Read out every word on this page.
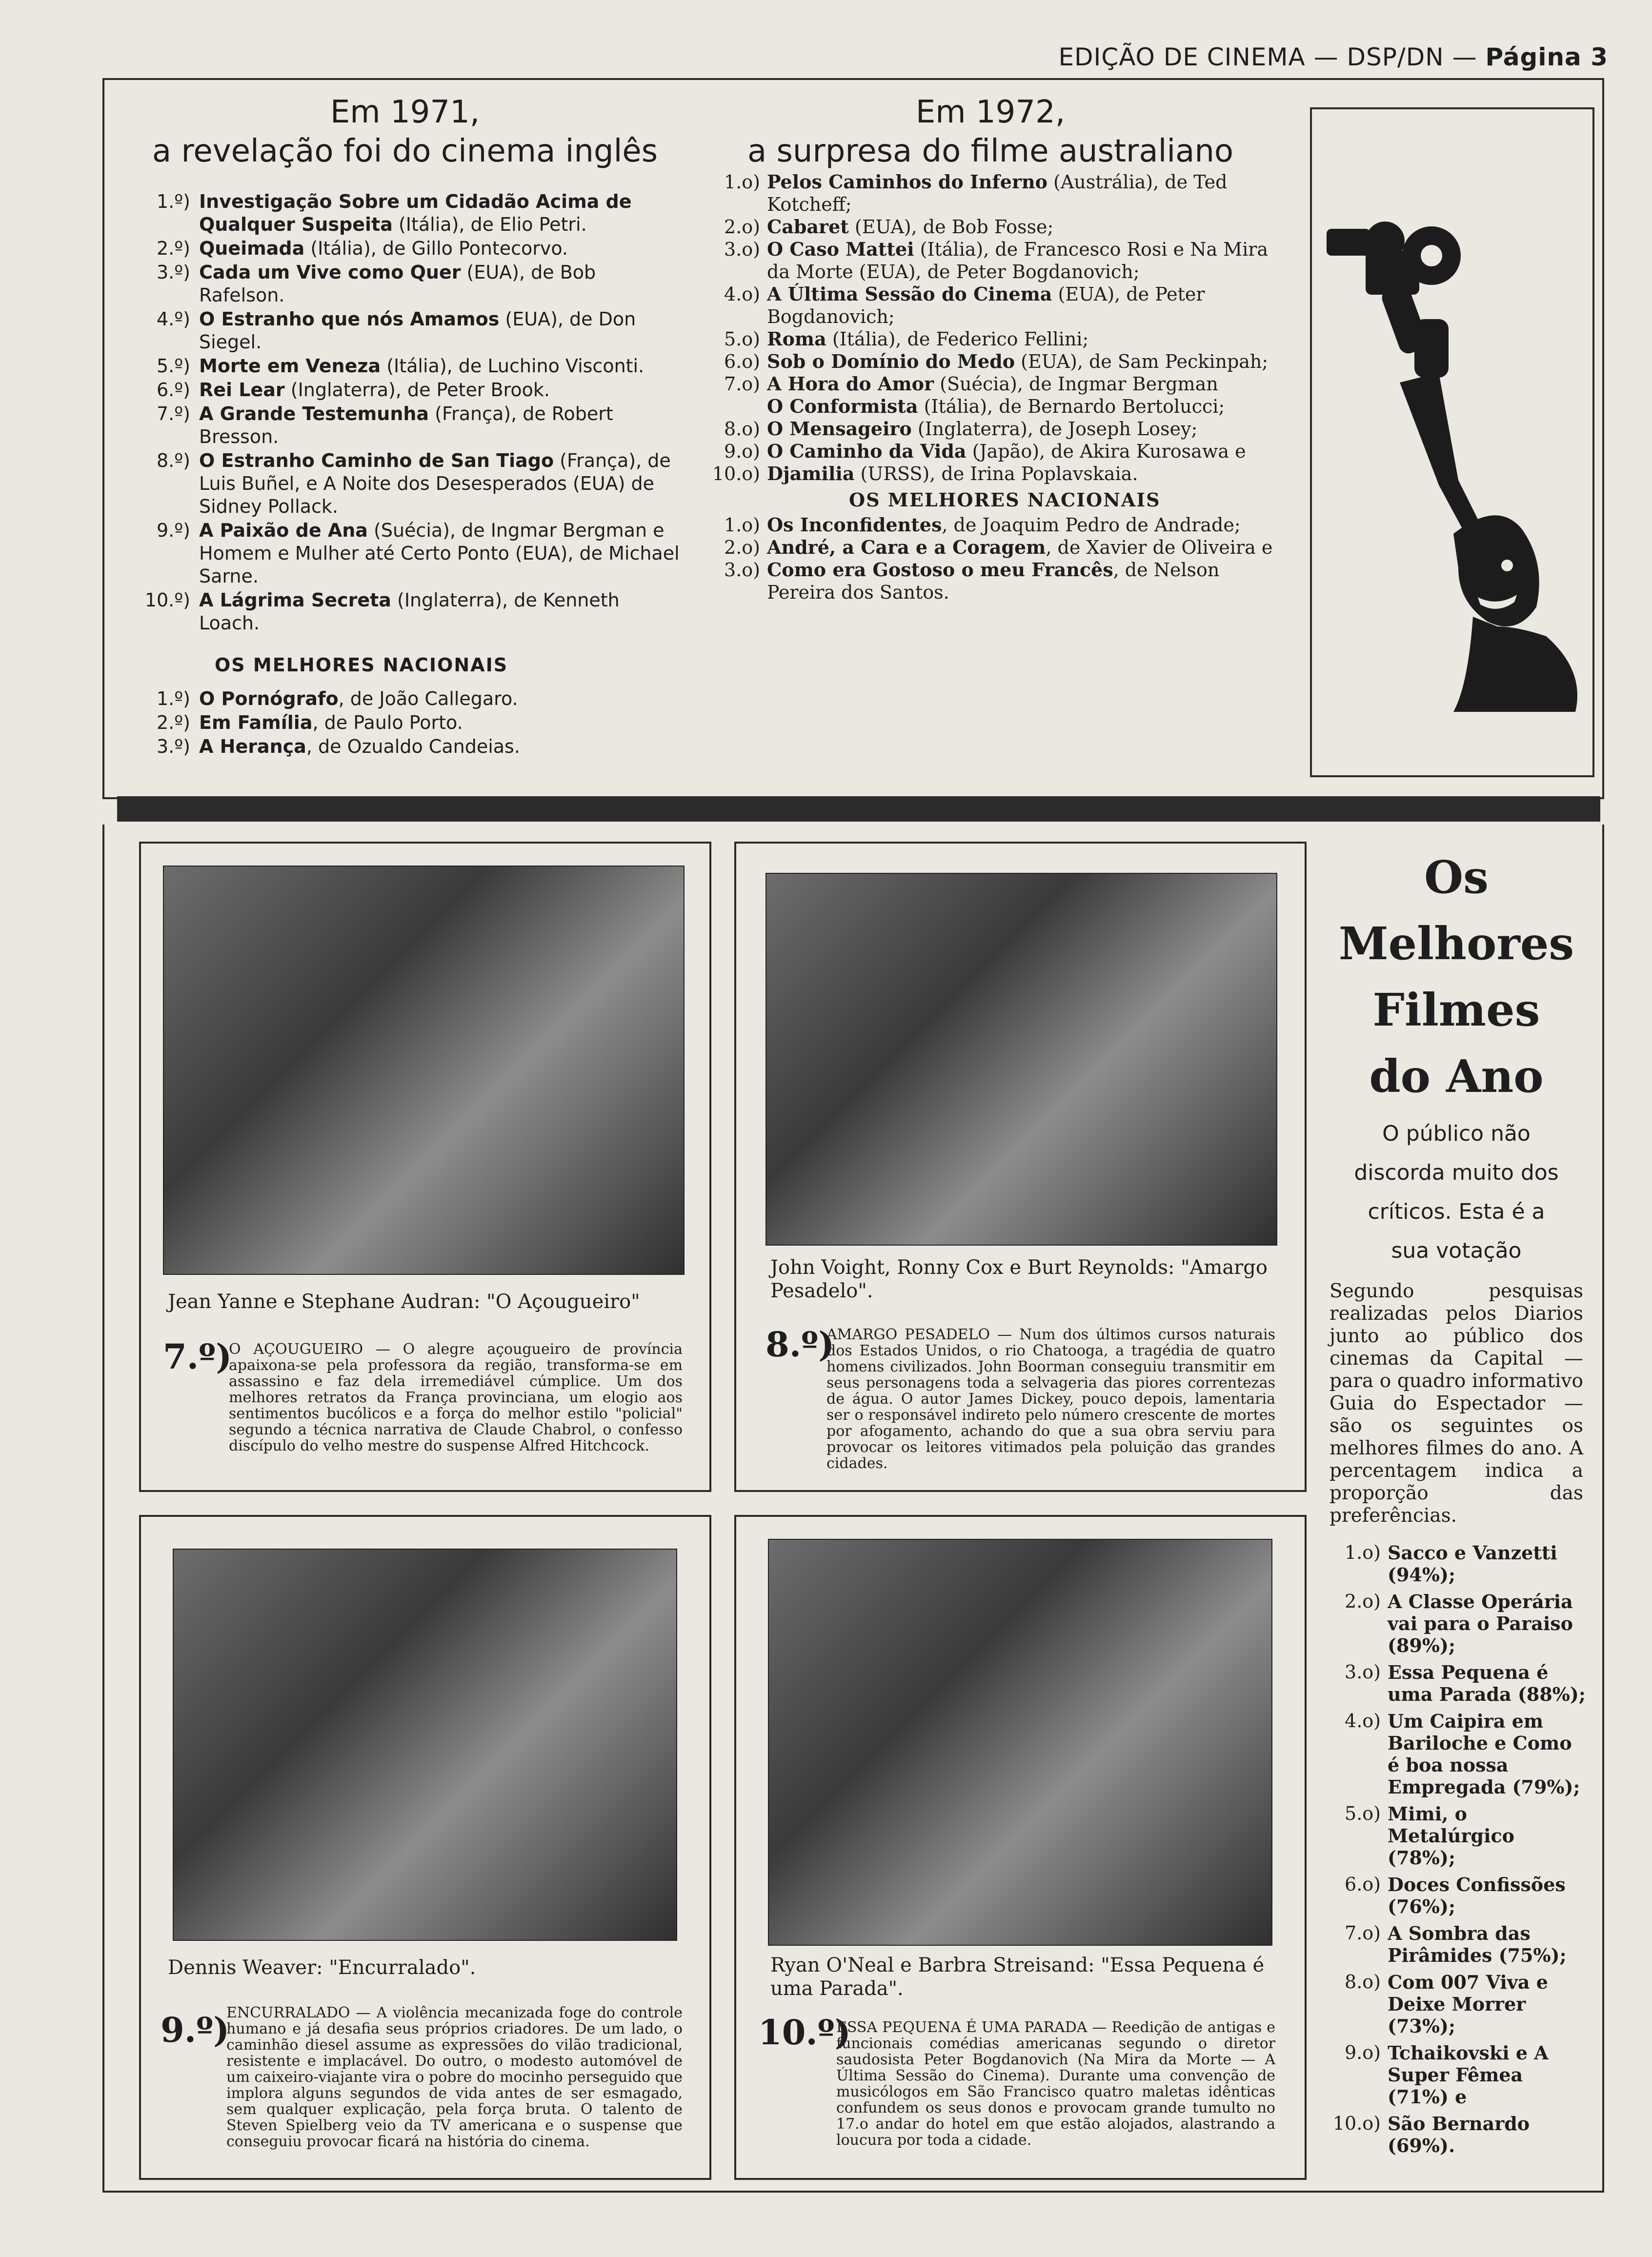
EDIÇÃO DE CINEMA — DSP/DN — Página 3
Em 1971,
a revelação foi do cinema inglês
1.º) Investigação Sobre um Cidadão Acima de Qualquer Suspeita (Itália), de Elio Petri.
2.º) Queimada (Itália), de Gillo Pontecorvo.
3.º) Cada um Vive como Quer (EUA), de Bob Rafelson.
4.º) O Estranho que nós Amamos (EUA), de Don Siegel.
5.º) Morte em Veneza (Itália), de Luchino Visconti.
6.º) Rei Lear (Inglaterra), de Peter Brook.
7.º) A Grande Testemunha (França), de Robert Bresson.
8.º) O Estranho Caminho de San Tiago (França), de Luis Buñel, e A Noite dos Desesperados (EUA) de Sidney Pollack.
9.º) A Paixão de Ana (Suécia), de Ingmar Bergman e Homem e Mulher até Certo Ponto (EUA), de Michael Sarne.
10.º) A Lágrima Secreta (Inglaterra), de Kenneth Loach.
OS MELHORES NACIONAIS
1.º) O Pornógrafo, de João Callegaro.
2.º) Em Família, de Paulo Porto.
3.º) A Herança, de Ozualdo Candeias.
Em 1972,
a surpresa do filme australiano
1.o) Pelos Caminhos do Inferno (Austrália), de Ted Kotcheff;
2.o) Cabaret (EUA), de Bob Fosse;
3.o) O Caso Mattei (Itália), de Francesco Rosi e Na Mira da Morte (EUA), de Peter Bogdanovich;
4.o) A Última Sessão do Cinema (EUA), de Peter Bogdanovich;
5.o) Roma (Itália), de Federico Fellini;
6.o) Sob o Domínio do Medo (EUA), de Sam Peckinpah;
7.o) A Hora do Amor (Suécia), de Ingmar Bergman
O Conformista (Itália), de Bernardo Bertolucci;
8.o) O Mensageiro (Inglaterra), de Joseph Losey;
9.o) O Caminho da Vida (Japão), de Akira Kurosawa e
10.o) Djamilia (URSS), de Irina Poplavskaia.
OS MELHORES NACIONAIS
1.o) Os Inconfidentes, de Joaquim Pedro de Andrade;
2.o) André, a Cara e a Coragem, de Xavier de Oliveira e
3.o) Como era Gostoso o meu Francês, de Nelson Pereira dos Santos.
Jean Yanne e Stephane Audran: "O Açougueiro"
7.º)
O AÇOUGUEIRO — O alegre açougueiro de província apaixona-se pela professora da região, transforma-se em assassino e faz dela irremediável cúmplice. Um dos melhores retratos da França provinciana, um elogio aos sentimentos bucólicos e a força do melhor estilo "policial" segundo a técnica narrativa de Claude Chabrol, o confesso discípulo do velho mestre do suspense Alfred Hitchcock.
John Voight, Ronny Cox e Burt Reynolds: "Amargo Pesadelo".
8.º)
AMARGO PESADELO — Num dos últimos cursos naturais dos Estados Unidos, o rio Chatooga, a tragédia de quatro homens civilizados. John Boorman conseguiu transmitir em seus personagens toda a selvageria das piores correntezas de água. O autor James Dickey, pouco depois, lamentaria ser o responsável indireto pelo número crescente de mortes por afogamento, achando do que a sua obra serviu para provocar os leitores vitimados pela poluição das grandes cidades.
Dennis Weaver: "Encurralado".
9.º)
ENCURRALADO — A violência mecanizada foge do controle humano e já desafia seus próprios criadores. De um lado, o caminhão diesel assume as expressões do vilão tradicional, resistente e implacável. Do outro, o modesto automóvel de um caixeiro-viajante vira o pobre do mocinho perseguido que implora alguns segundos de vida antes de ser esmagado, sem qualquer explicação, pela força bruta. O talento de Steven Spielberg veio da TV americana e o suspense que conseguiu provocar ficará na história do cinema.
Ryan O'Neal e Barbra Streisand: "Essa Pequena é uma Parada".
10.º)
ESSA PEQUENA É UMA PARADA — Reedição de antigas e funcionais comédias americanas segundo o diretor saudosista Peter Bogdanovich (Na Mira da Morte — A Última Sessão do Cinema). Durante uma convenção de musicólogos em São Francisco quatro maletas idênticas confundem os seus donos e provocam grande tumulto no 17.o andar do hotel em que estão alojados, alastrando a loucura por toda a cidade.
Os
Melhores
Filmes
do Ano
O público não
discorda muito dos
críticos. Esta é a
sua votação
Segundo pesquisas realizadas pelos Diarios junto ao público dos cinemas da Capital — para o quadro informativo Guia do Espectador — são os seguintes os melhores filmes do ano. A percentagem indica a proporção das preferências.
1.o) Sacco e Vanzetti (94%);
2.o) A Classe Operária vai para o Paraiso (89%);
3.o) Essa Pequena é uma Parada (88%);
4.o) Um Caipira em Bariloche e Como é boa nossa Empregada (79%);
5.o) Mimi, o Metalúrgico (78%);
6.o) Doces Confissões (76%);
7.o) A Sombra das Pirâmides (75%);
8.o) Com 007 Viva e Deixe Morrer (73%);
9.o) Tchaikovski e A Super Fêmea (71%) e
10.o) São Bernardo (69%).
